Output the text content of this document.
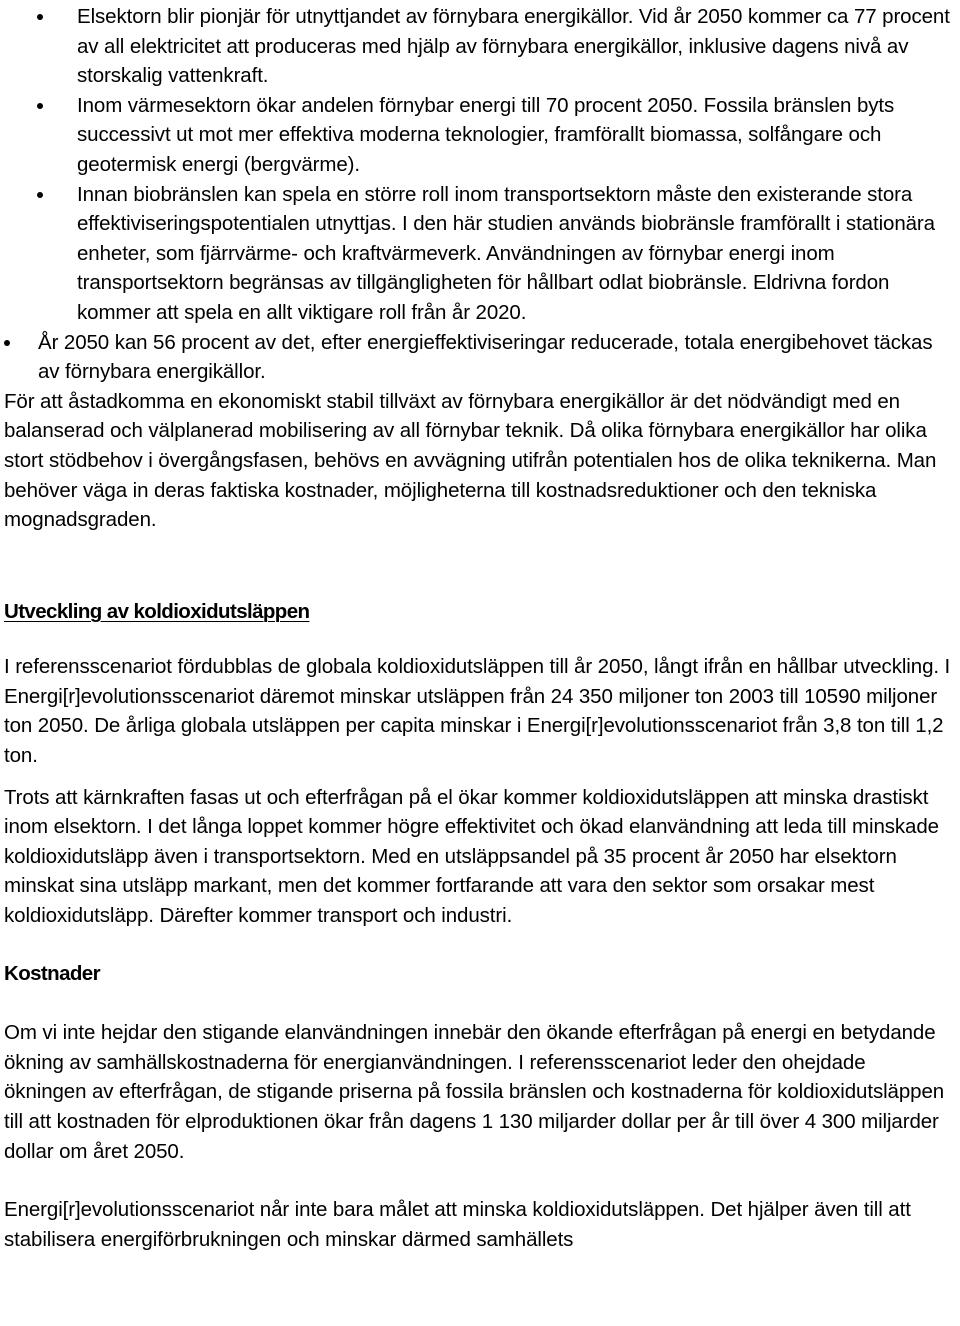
Elsektorn blir pionjär för utnyttjandet av förnybara energikällor. Vid år 2050 kommer ca 77 procent av all elektricitet att produceras med hjälp av förnybara energikällor, inklusive dagens nivå av storskalig vattenkraft.
Inom värmesektorn ökar andelen förnybar energi till 70 procent 2050. Fossila bränslen byts successivt ut mot mer effektiva moderna teknologier, framförallt biomassa, solfångare och geotermisk energi (bergvärme).
Innan biobränslen kan spela en större roll inom transportsektorn måste den existerande stora effektiviseringspotentialen utnyttjas. I den här studien används biobränsle framförallt i stationära enheter, som fjärrvärme- och kraftvärmeverk. Användningen av förnybar energi inom transportsektorn begränsas av tillgängligheten för hållbart odlat biobränsle. Eldrivna fordon kommer att spela en allt viktigare roll från år 2020.
År 2050 kan 56 procent av det, efter energieffektiviseringar reducerade, totala energibehovet täckas av förnybara energikällor.

För att åstadkomma en ekonomiskt stabil tillväxt av förnybara energikällor är det nödvändigt med en balanserad och välplanerad mobilisering av all förnybar teknik. Då olika förnybara energikällor har olika stort stödbehov i övergångsfasen, behövs en avvägning utifrån potentialen hos de olika teknikerna. Man behöver väga in deras faktiska kostnader, möjligheterna till kostnadsreduktioner och den tekniska mognadsgraden.

Utveckling av koldioxidutsläppen

I referensscenariot fördubblas de globala koldioxidutsläppen till år 2050, långt ifrån en hållbar utveckling. I Energi[r]evolutionsscenariot däremot minskar utsläppen från 24 350 miljoner ton 2003 till 10590 miljoner ton 2050. De årliga globala utsläppen per capita minskar i Energi[r]evolutionsscenariot från 3,8 ton till 1,2 ton.

Trots att kärnkraften fasas ut och efterfrågan på el ökar kommer koldioxidutsläppen att minska drastiskt inom elsektorn. I det långa loppet kommer högre effektivitet och ökad elanvändning att leda till minskade koldioxidutsläpp även i transportsektorn. Med en utsläppsandel på 35 procent år 2050 har elsektorn minskat sina utsläpp markant, men det kommer fortfarande att vara den sektor som orsakar mest koldioxidutsläpp. Därefter kommer transport och industri.

Kostnader

Om vi inte hejdar den stigande elanvändningen innebär den ökande efterfrågan på energi en betydande ökning av samhällskostnaderna för energianvändningen. I referensscenariot leder den ohejdade ökningen av efterfrågan, de stigande priserna på fossila bränslen och kostnaderna för koldioxidutsläppen till att kostnaden för elproduktionen ökar från dagens 1 130 miljarder dollar per år till över 4 300 miljarder dollar om året 2050.

Energi[r]evolutionsscenariot når inte bara målet att minska koldioxidutsläppen. Det hjälper även till att stabilisera energiförbrukningen och minskar därmed samhällets
